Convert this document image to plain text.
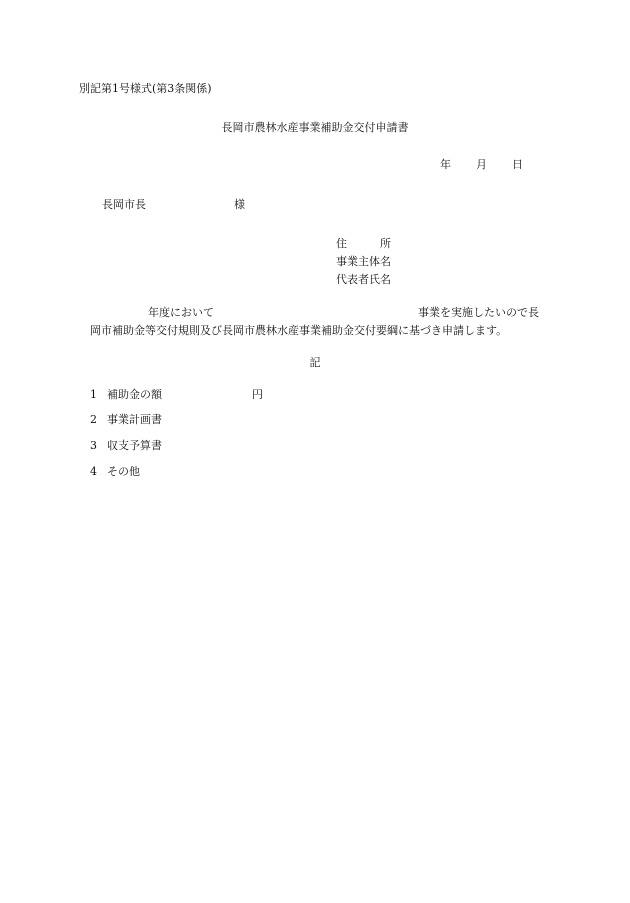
別記第1号様式(第3条関係)
長岡市農林水産事業補助金交付申請書
年 月 日
長岡市長	様
住	所
事業主体名
代表者氏名
年度において	事業を実施したいので長
岡市補助金等交付規則及び長岡市農林水産事業補助金交付要綱に基づき申請します。
記
1 補助金の額	円
2 事業計画書
3 収支予算書
4 その他
